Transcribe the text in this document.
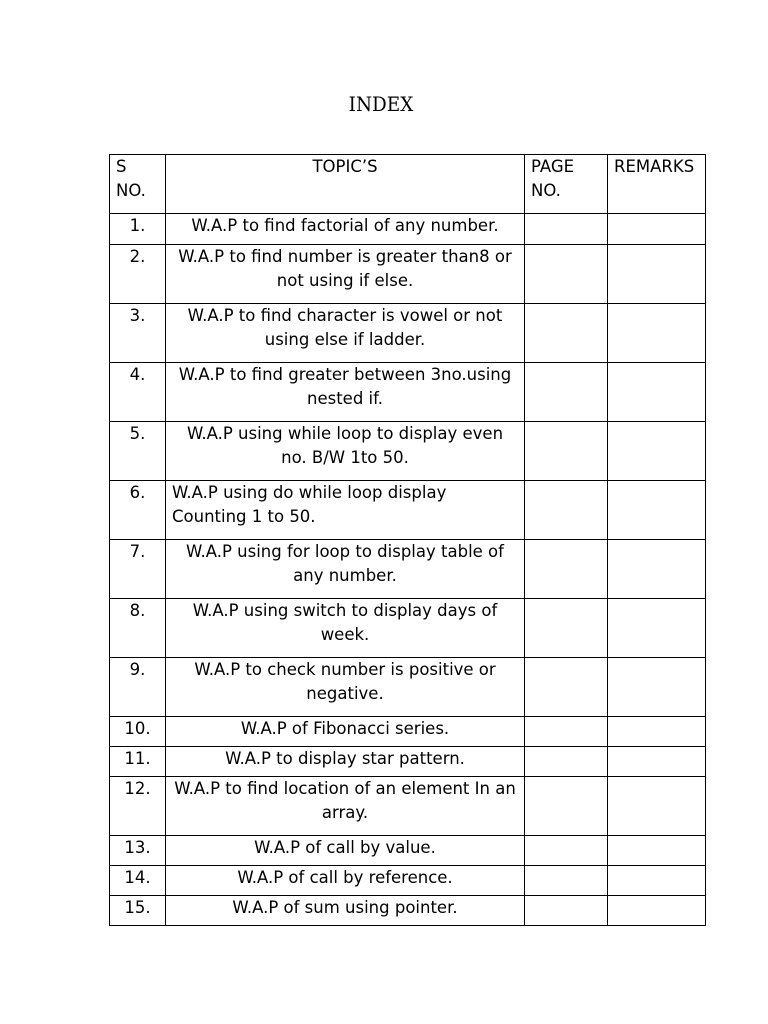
INDEX
S NO.	TOPIC’S	PAGE NO.	REMARKS
1.	W.A.P to find factorial of any number.		
2.	W.A.P to find number is greater than8 or not using if else.		
3.	W.A.P to find character is vowel or not using else if ladder.		
4.	W.A.P to find greater between 3no.using nested if.		
5.	W.A.P using while loop to display even no. B/W 1to 50.		
6.	W.A.P using do while loop display Counting 1 to 50.		
7.	W.A.P using for loop to display table of any number.		
8.	W.A.P using switch to display days of week.		
9.	W.A.P to check number is positive or negative.		
10.	W.A.P of Fibonacci series.		
11.	W.A.P to display star pattern.		
12.	W.A.P to find location of an element In an array.		
13.	W.A.P of call by value.		
14.	W.A.P of call by reference.		
15.	W.A.P of sum using pointer.		
